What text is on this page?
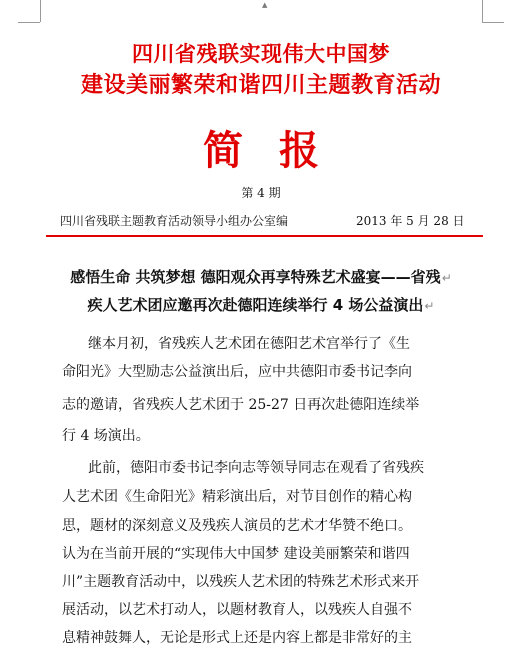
▲
四川省残联实现伟大中国梦
建设美丽繁荣和谐四川主题教育活动
简报
第 4 期
四川省残联主题教育活动领导小组办公室编	2013 年 5 月 28 日
感悟生命 共筑梦想 德阳观众再享特殊艺术盛宴——省残↵
疾人艺术团应邀再次赴德阳连续举行 4 场公益演出↵
继本月初，省残疾人艺术团在德阳艺术宫举行了《生
命阳光》大型励志公益演出后，应中共德阳市委书记李向
志的邀请，省残疾人艺术团于 25-27 日再次赴德阳连续举
行 4 场演出。
此前，德阳市委书记李向志等领导同志在观看了省残疾
人艺术团《生命阳光》精彩演出后，对节目创作的精心构
思，题材的深刻意义及残疾人演员的艺术才华赞不绝口。
认为在当前开展的“实现伟大中国梦 建设美丽繁荣和谐四
川”主题教育活动中，以残疾人艺术团的特殊艺术形式来开
展活动，以艺术打动人，以题材教育人，以残疾人自强不
息精神鼓舞人，无论是形式上还是内容上都是非常好的主
